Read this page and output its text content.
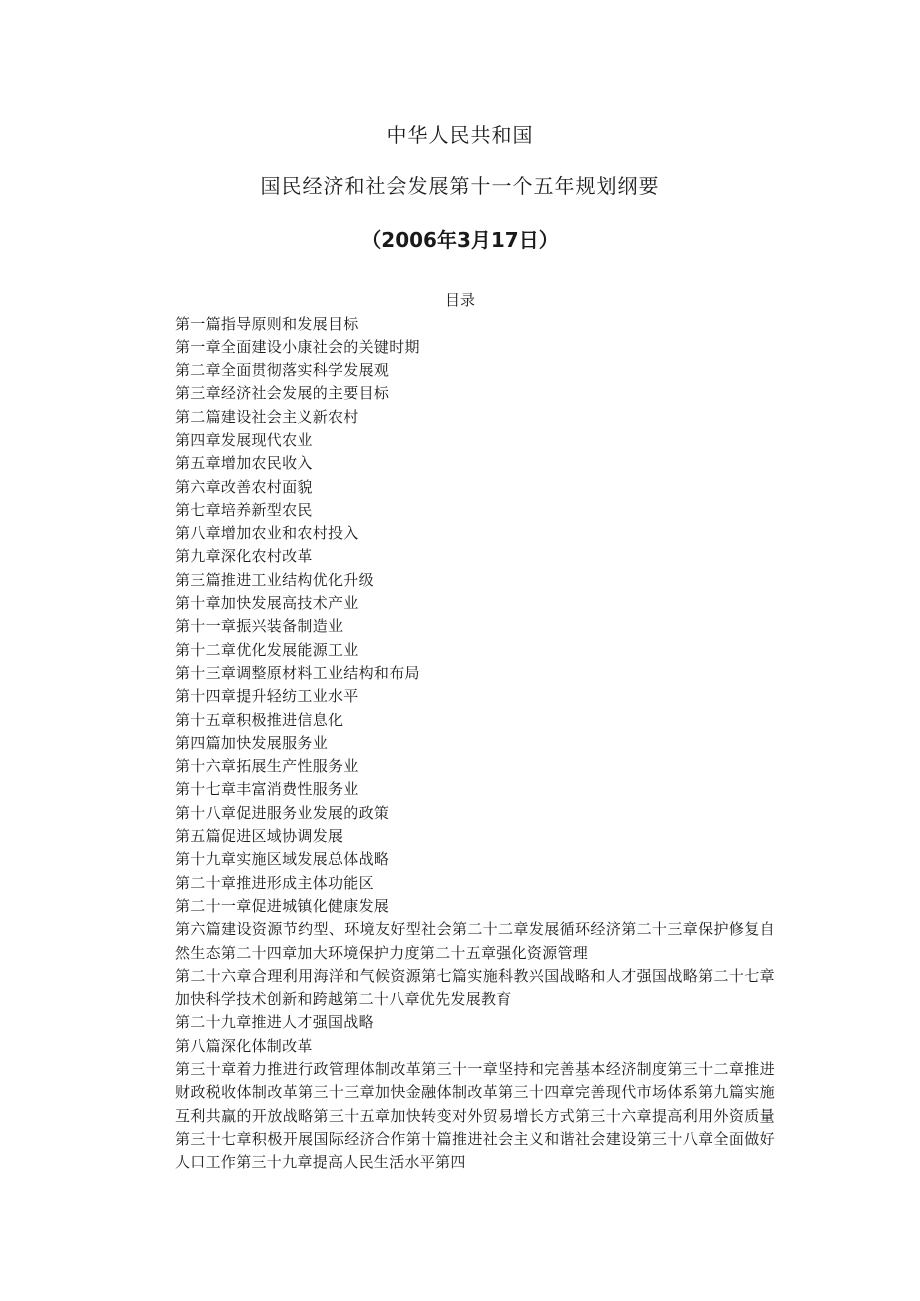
中华人民共和国
国民经济和社会发展第十一个五年规划纲要
（2006年3月17日）
目录
第一篇指导原则和发展目标
第一章全面建设小康社会的关键时期
第二章全面贯彻落实科学发展观
第三章经济社会发展的主要目标
第二篇建设社会主义新农村
第四章发展现代农业
第五章增加农民收入
第六章改善农村面貌
第七章培养新型农民
第八章增加农业和农村投入
第九章深化农村改革
第三篇推进工业结构优化升级
第十章加快发展高技术产业
第十一章振兴装备制造业
第十二章优化发展能源工业
第十三章调整原材料工业结构和布局
第十四章提升轻纺工业水平
第十五章积极推进信息化
第四篇加快发展服务业
第十六章拓展生产性服务业
第十七章丰富消费性服务业
第十八章促进服务业发展的政策
第五篇促进区域协调发展
第十九章实施区域发展总体战略
第二十章推进形成主体功能区
第二十一章促进城镇化健康发展
第六篇建设资源节约型、环境友好型社会第二十二章发展循环经济第二十三章保护修复自然生态第二十四章加大环境保护力度第二十五章强化资源管理
第二十六章合理利用海洋和气候资源第七篇实施科教兴国战略和人才强国战略第二十七章加快科学技术创新和跨越第二十八章优先发展教育
第二十九章推进人才强国战略
第八篇深化体制改革
第三十章着力推进行政管理体制改革第三十一章坚持和完善基本经济制度第三十二章推进财政税收体制改革第三十三章加快金融体制改革第三十四章完善现代市场体系第九篇实施互利共赢的开放战略第三十五章加快转变对外贸易增长方式第三十六章提高利用外资质量第三十七章积极开展国际经济合作第十篇推进社会主义和谐社会建设第三十八章全面做好人口工作第三十九章提高人民生活水平第四
